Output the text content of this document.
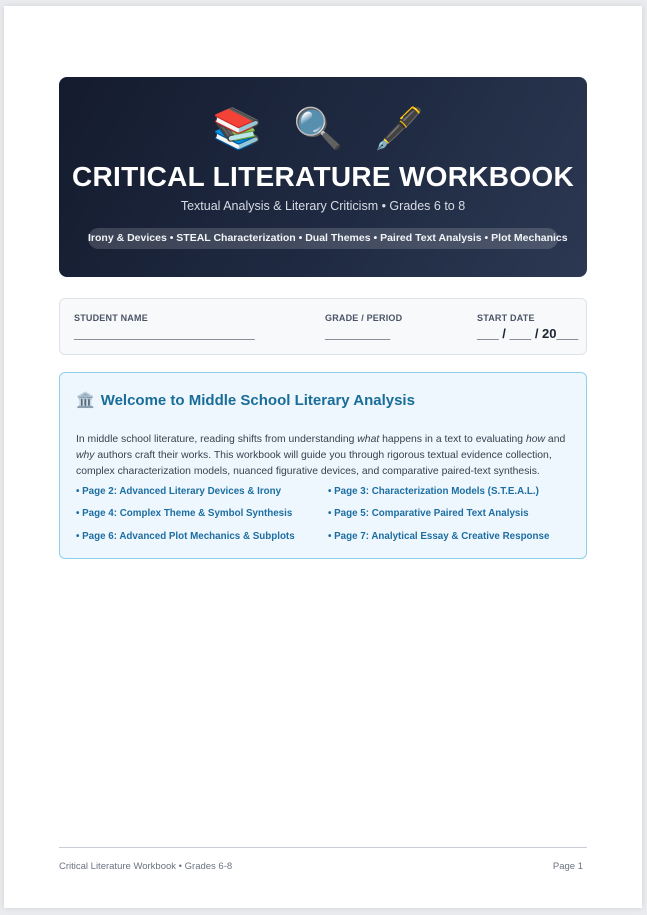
📚 🔍 🖋️
CRITICAL LITERATURE WORKBOOK
Textual Analysis & Literary Criticism • Grades 6 to 8
Irony & Devices • STEAL Characterization • Dual Themes • Paired Text Analysis • Plot Mechanics
STUDENT NAME
_________________________
GRADE / PERIOD
_________
START DATE
___ / ___ / 20___
🏛️ Welcome to Middle School Literary Analysis
In middle school literature, reading shifts from understanding what happens in a text to evaluating how and why authors craft their works. This workbook will guide you through rigorous textual evidence collection, complex characterization models, nuanced figurative devices, and comparative paired-text synthesis.
• Page 2: Advanced Literary Devices & Irony	• Page 3: Characterization Models (S.T.E.A.L.)
• Page 4: Complex Theme & Symbol Synthesis	• Page 5: Comparative Paired Text Analysis
• Page 6: Advanced Plot Mechanics & Subplots	• Page 7: Analytical Essay & Creative Response
Critical Literature Workbook • Grades 6-8	Page 1
